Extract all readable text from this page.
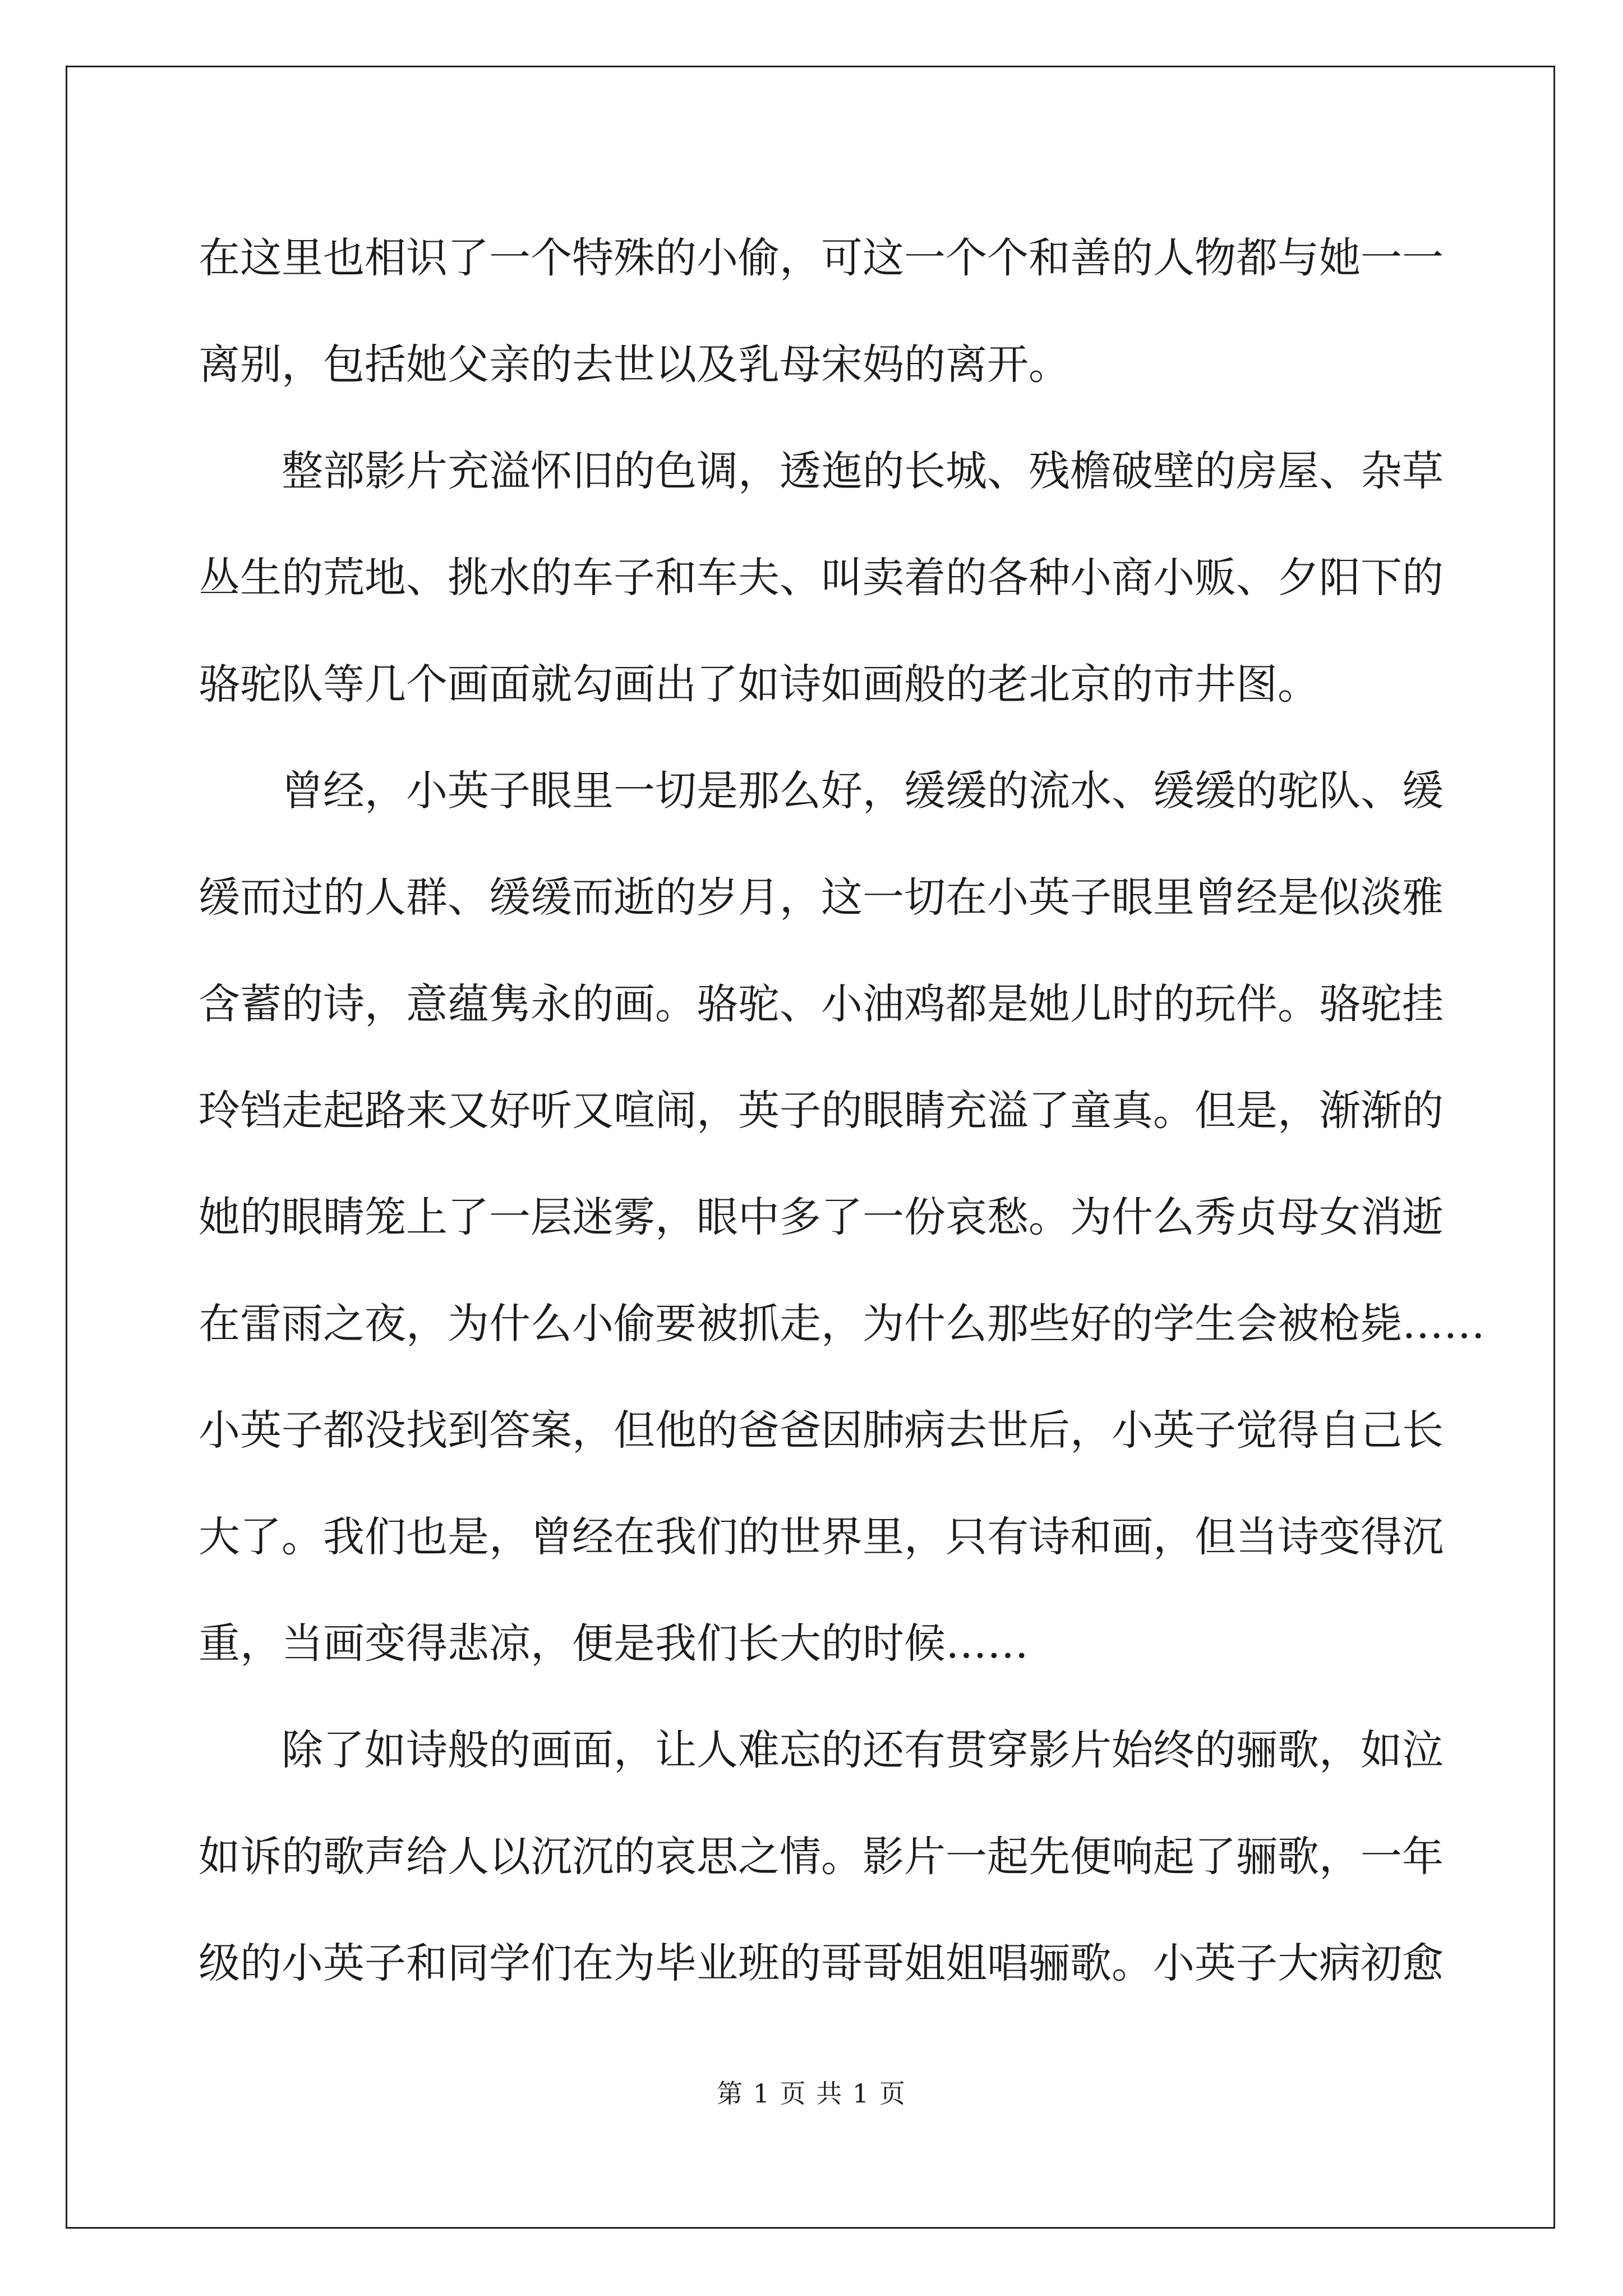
在这里也相识了一个特殊的小偷，可这一个个和善的人物都与她一一
离别，包括她父亲的去世以及乳母宋妈的离开。
整部影片充溢怀旧的色调，透迤的长城、残檐破壁的房屋、杂草
丛生的荒地、挑水的车子和车夫、叫卖着的各种小商小贩、夕阳下的
骆驼队等几个画面就勾画出了如诗如画般的老北京的市井图。
曾经，小英子眼里一切是那么好，缓缓的流水、缓缓的驼队、缓
缓而过的人群、缓缓而逝的岁月，这一切在小英子眼里曾经是似淡雅
含蓄的诗，意蕴隽永的画。骆驼、小油鸡都是她儿时的玩伴。骆驼挂
玲铛走起路来又好听又喧闹，英子的眼睛充溢了童真。但是，渐渐的
她的眼睛笼上了一层迷雾，眼中多了一份哀愁。为什么秀贞母女消逝
在雷雨之夜，为什么小偷要被抓走，为什么那些好的学生会被枪毙……
小英子都没找到答案，但他的爸爸因肺病去世后，小英子觉得自己长
大了。我们也是，曾经在我们的世界里，只有诗和画，但当诗变得沉
重，当画变得悲凉，便是我们长大的时候……
除了如诗般的画面，让人难忘的还有贯穿影片始终的骊歌，如泣
如诉的歌声给人以沉沉的哀思之情。影片一起先便响起了骊歌，一年
级的小英子和同学们在为毕业班的哥哥姐姐唱骊歌。小英子大病初愈
第 1 页 共 1 页
